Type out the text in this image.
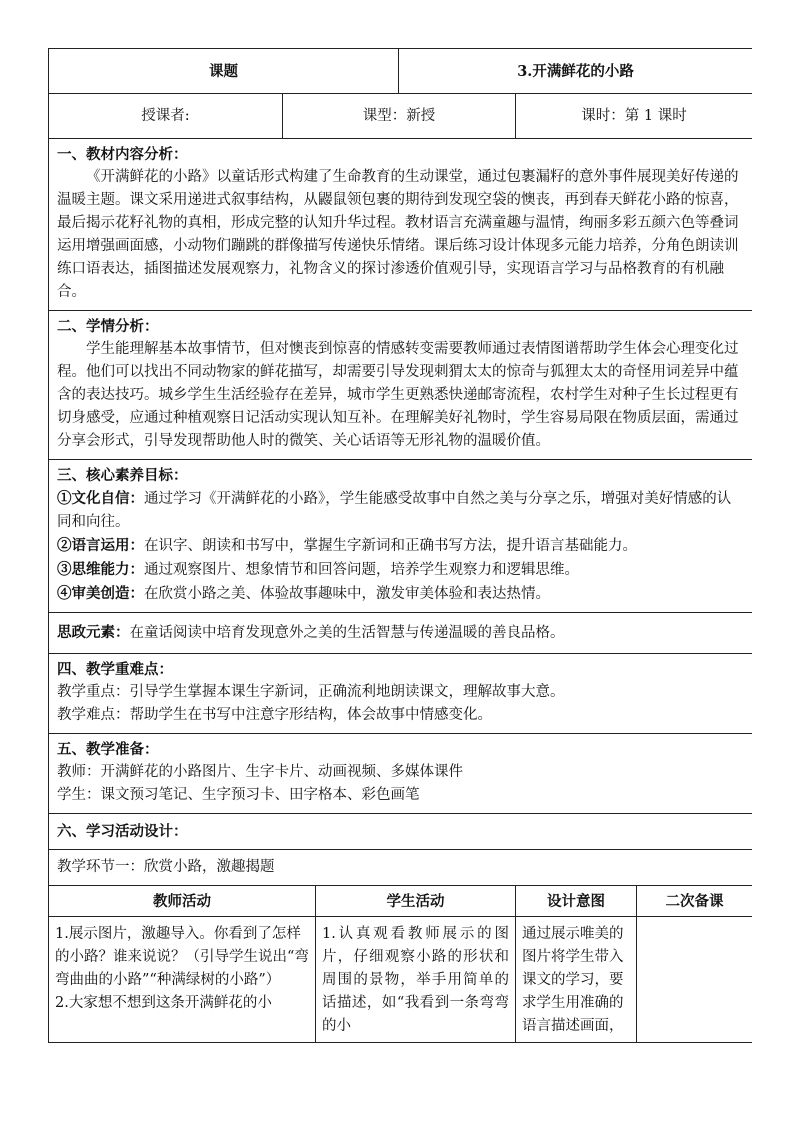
课题			3.开满鲜花的小路		
授课者:	课型：新授			课时：第 1 课时	

一、教材内容分析：

《开满鲜花的小路》以童话形式构建了生命教育的生动课堂，通过包裹漏籽的意外事件展现美好传递的温暖主题。课文采用递进式叙事结构，从鼹鼠领包裹的期待到发现空袋的懊丧，再到春天鲜花小路的惊喜，最后揭示花籽礼物的真相，形成完整的认知升华过程。教材语言充满童趣与温情，绚丽多彩五颜六色等叠词运用增强画面感，小动物们蹦跳的群像描写传递快乐情绪。课后练习设计体现多元能力培养，分角色朗读训练口语表达，插图描述发展观察力，礼物含义的探讨渗透价值观引导，实现语言学习与品格教育的有机融合。					

二、学情分析：

学生能理解基本故事情节，但对懊丧到惊喜的情感转变需要教师通过表情图谱帮助学生体会心理变化过程。他们可以找出不同动物家的鲜花描写，却需要引导发现刺猬太太的惊奇与狐狸太太的奇怪用词差异中蕴含的表达技巧。城乡学生生活经验存在差异，城市学生更熟悉快递邮寄流程，农村学生对种子生长过程更有切身感受，应通过种植观察日记活动实现认知互补。在理解美好礼物时，学生容易局限在物质层面，需通过分享会形式，引导发现帮助他人时的微笑、关心话语等无形礼物的温暖价值。					

三、核心素养目标：

①文化自信：通过学习《开满鲜花的小路》，学生能感受故事中自然之美与分享之乐，增强对美好情感的认同和向往。

②语言运用：在识字、朗读和书写中，掌握生字新词和正确书写方法，提升语言基础能力。

③思维能力：通过观察图片、想象情节和回答问题，培养学生观察力和逻辑思维。

④审美创造：在欣赏小路之美、体验故事趣味中，激发审美体验和表达热情。					

思政元素：在童话阅读中培育发现意外之美的生活智慧与传递温暖的善良品格。					

四、教学重难点：

教学重点：引导学生掌握本课生字新词，正确流利地朗读课文，理解故事大意。

教学难点：帮助学生在书写中注意字形结构，体会故事中情感变化。					

五、教学准备：

教师：开满鲜花的小路图片、生字卡片、动画视频、多媒体课件

学生：课文预习笔记、生字预习卡、田字格本、彩色画笔					

六、学习活动设计：					
教学环节一：欣赏小路，激趣揭题					
教师活动		学生活动		设计意图	二次备课

1.展示图片，激趣导入。你看到了怎样的小路？谁来说说？（引导学生说出“弯弯曲曲的小路”“种满绿树的小路”）

2.大家想不想到这条开满鲜花的小		1.认真观看教师展示的图片，仔细观察小路的形状和周围的景物，举手用简单的话描述，如“我看到一条弯弯的小		通过展示唯美的图片将学生带入课文的学习，要求学生用准确的语言描述画面，	
